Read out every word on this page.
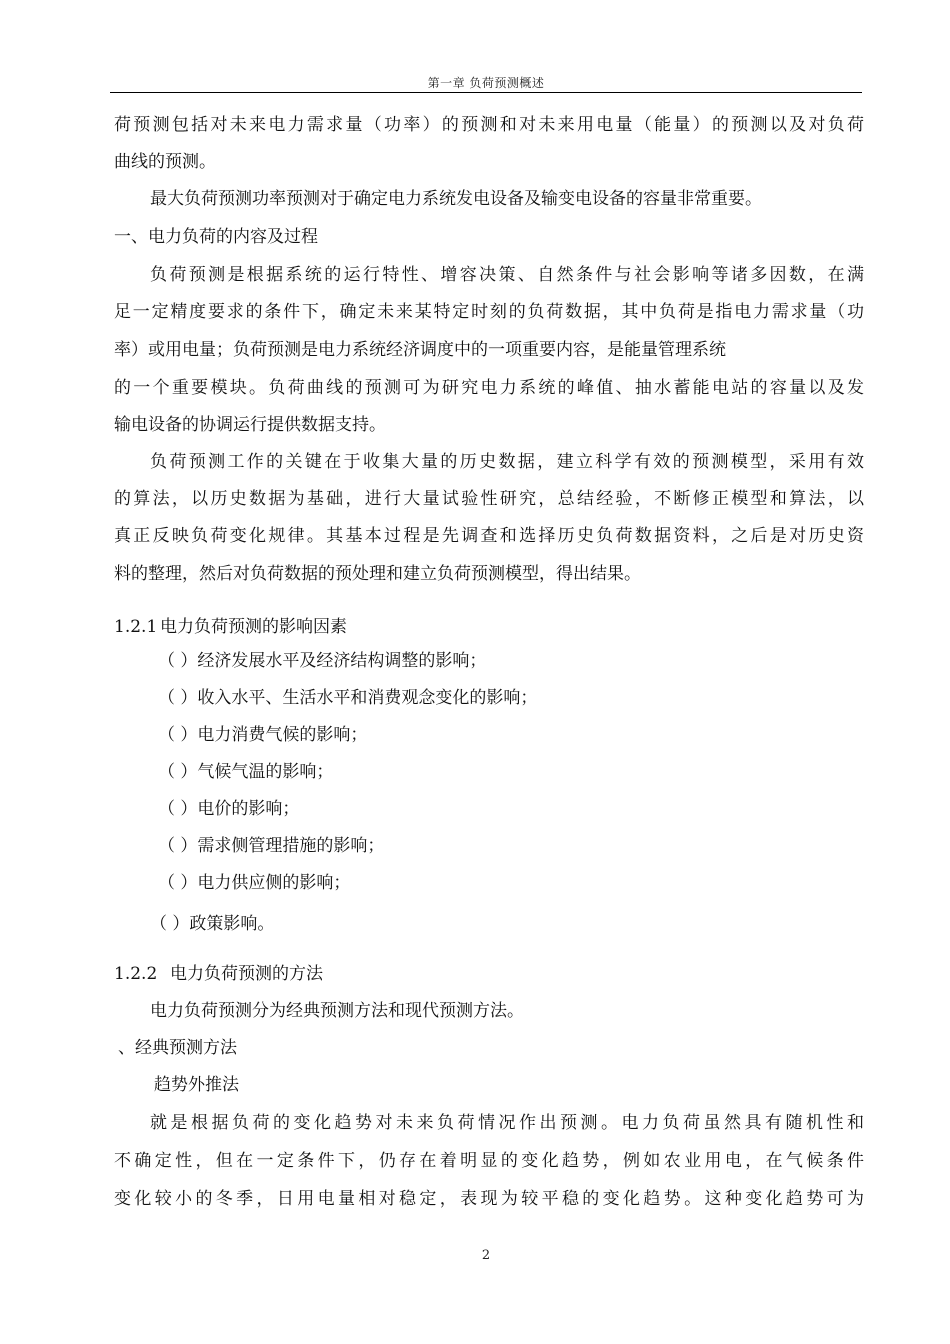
第一章 负荷预测概述
荷预测包括对未来电力需求量（功率）的预测和对未来用电量（能量）的预测以及对负荷
曲线的预测。
最大负荷预测功率预测对于确定电力系统发电设备及输变电设备的容量非常重要。
一、电力负荷的内容及过程
负荷预测是根据系统的运行特性、增容决策、自然条件与社会影响等诸多因数，在满
足一定精度要求的条件下，确定未来某特定时刻的负荷数据，其中负荷是指电力需求量（功
率）或用电量；负荷预测是电力系统经济调度中的一项重要内容，是能量管理系统
的一个重要模块。负荷曲线的预测可为研究电力系统的峰值、抽水蓄能电站的容量以及发
输电设备的协调运行提供数据支持。
负荷预测工作的关键在于收集大量的历史数据，建立科学有效的预测模型，采用有效
的算法，以历史数据为基础，进行大量试验性研究，总结经验，不断修正模型和算法，以
真正反映负荷变化规律。其基本过程是先调查和选择历史负荷数据资料，之后是对历史资
料的整理，然后对负荷数据的预处理和建立负荷预测模型，得出结果。
1.2.1 电力负荷预测的影响因素
（ ）经济发展水平及经济结构调整的影响；
（ ）收入水平、生活水平和消费观念变化的影响；
（ ）电力消费气候的影响；
（ ）气候气温的影响；
（ ）电价的影响；
（ ）需求侧管理措施的影响；
（ ）电力供应侧的影响；
（ ）政策影响。
1.2.2 电力负荷预测的方法
电力负荷预测分为经典预测方法和现代预测方法。
、经典预测方法
趋势外推法
就是根据负荷的变化趋势对未来负荷情况作出预测。电力负荷虽然具有随机性和
不确定性，但在一定条件下，仍存在着明显的变化趋势，例如农业用电，在气候条件
变化较小的冬季，日用电量相对稳定，表现为较平稳的变化趋势。这种变化趋势可为
2
